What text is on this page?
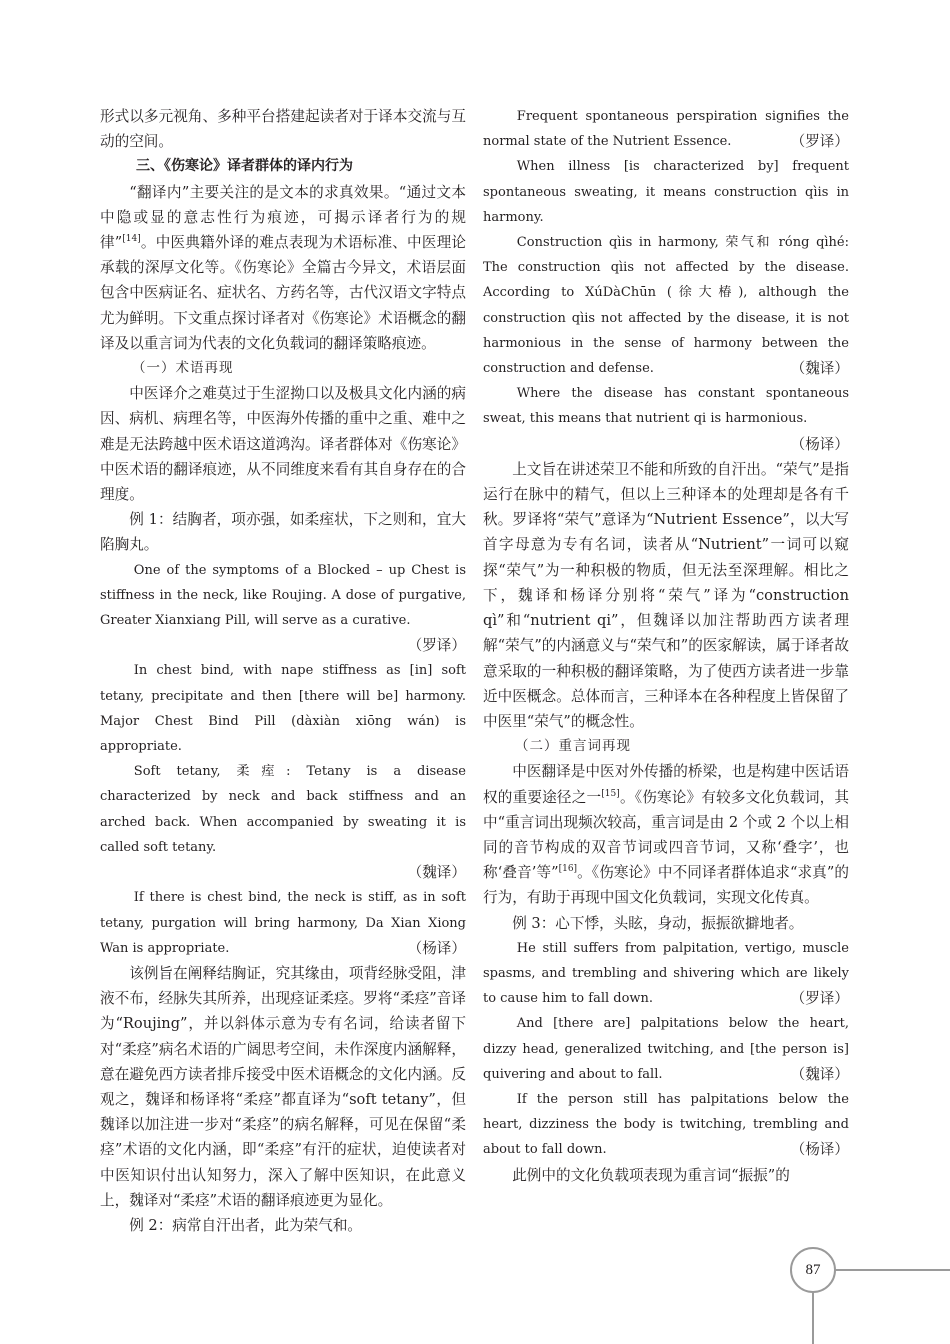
形式以多元视角、多种平台搭建起读者对于译本交流与互动的空间。

三、《伤寒论》译者群体的译内行为

“翻译内”主要关注的是文本的求真效果。“通过文本中隐或显的意志性行为痕迹，可揭示译者行为的规律”[14]。中医典籍外译的难点表现为术语标准、中医理论承载的深厚文化等。《伤寒论》全篇古今异文，术语层面包含中医病证名、症状名、方药名等，古代汉语文字特点尤为鲜明。下文重点探讨译者对《伤寒论》术语概念的翻译及以重言词为代表的文化负载词的翻译策略痕迹。

（一）术语再现

中医译介之难莫过于生涩拗口以及极具文化内涵的病因、病机、病理名等，中医海外传播的重中之重、难中之难是无法跨越中医术语这道鸿沟。译者群体对《伤寒论》中医术语的翻译痕迹，从不同维度来看有其自身存在的合理度。

例 1：结胸者，项亦强，如柔痓状，下之则和，宜大陷胸丸。

One of the symptoms of a Blocked – up Chest is stiffness in the neck, like Roujing. A dose of purgative, Greater Xianxiang Pill, will serve as a curative.

（罗译）

In chest bind, with nape stiffness as [in] soft tetany, precipitate and then [there will be] harmony. Major Chest Bind Pill (dàxiàn xiōng wán) is appropriate.

Soft tetany, 柔痓: Tetany is a disease characterized by neck and back stiffness and an arched back. When accompanied by sweating it is called soft tetany.

（魏译）

If there is chest bind, the neck is stiff, as in soft tetany, purgation will bring harmony, Da Xian Xiong Wan is appropriate.	（杨译）

该例旨在阐释结胸证，究其缘由，项背经脉受阻，津液不布，经脉失其所养，出现痉证柔痉。罗将“柔痉”音译为“Roujing”，并以斜体示意为专有名词，给读者留下对“柔痉”病名术语的广阔思考空间，未作深度内涵解释，意在避免西方读者排斥接受中医术语概念的文化内涵。反观之，魏译和杨译将“柔痉”都直译为“soft tetany”，但魏译以加注进一步对“柔痉”的病名解释，可见在保留“柔痉”术语的文化内涵，即“柔痉”有汗的症状，迫使读者对中医知识付出认知努力，深入了解中医知识，在此意义上，魏译对“柔痉”术语的翻译痕迹更为显化。

例 2：病常自汗出者，此为荣气和。

Frequent spontaneous perspiration signifies the normal state of the Nutrient Essence.	（罗译）

When illness [is characterized by] frequent spontaneous sweating, it means construction qìis in harmony.

Construction qìis in harmony, 荣气和 róng qìhé: The construction qìis not affected by the disease. According to XúDàChūn (徐大椿), although the construction qìis not affected by the disease, it is not harmonious in the sense of harmony between the construction and defense.	（魏译）

Where the disease has constant spontaneous sweat, this means that nutrient qi is harmonious.

（杨译）

上文旨在讲述荣卫不能和所致的自汗出。“荣气”是指运行在脉中的精气，但以上三种译本的处理却是各有千秋。罗译将“荣气”意译为“Nutrient Essence”，以大写首字母意为专有名词，读者从“Nutrient”一词可以窥探“荣气”为一种积极的物质，但无法至深理解。相比之下，魏译和杨译分别将“荣气”译为“construction qì”和“nutrient qi”，但魏译以加注帮助西方读者理解“荣气”的内涵意义与“荣气和”的医家解读，属于译者故意采取的一种积极的翻译策略，为了使西方读者进一步靠近中医概念。总体而言，三种译本在各种程度上皆保留了中医里“荣气”的概念性。

（二）重言词再现

中医翻译是中医对外传播的桥梁，也是构建中医话语权的重要途径之一[15]。《伤寒论》有较多文化负载词，其中“重言词出现频次较高，重言词是由 2 个或 2 个以上相同的音节构成的双音节词或四音节词，又称‘叠字’，也称‘叠音’等”[16]。《伤寒论》中不同译者群体追求“求真”的行为，有助于再现中国文化负载词，实现文化传真。

例 3：心下悸，头眩，身动，振振欲擗地者。

He still suffers from palpitation, vertigo, muscle spasms, and trembling and shivering which are likely to cause him to fall down.	（罗译）

And [there are] palpitations below the heart, dizzy head, generalized twitching, and [the person is] quivering and about to fall.	（魏译）

If the person still has palpitations below the heart, dizziness the body is twitching, trembling and about to fall down.	（杨译）

此例中的文化负载项表现为重言词“振振”的

87
